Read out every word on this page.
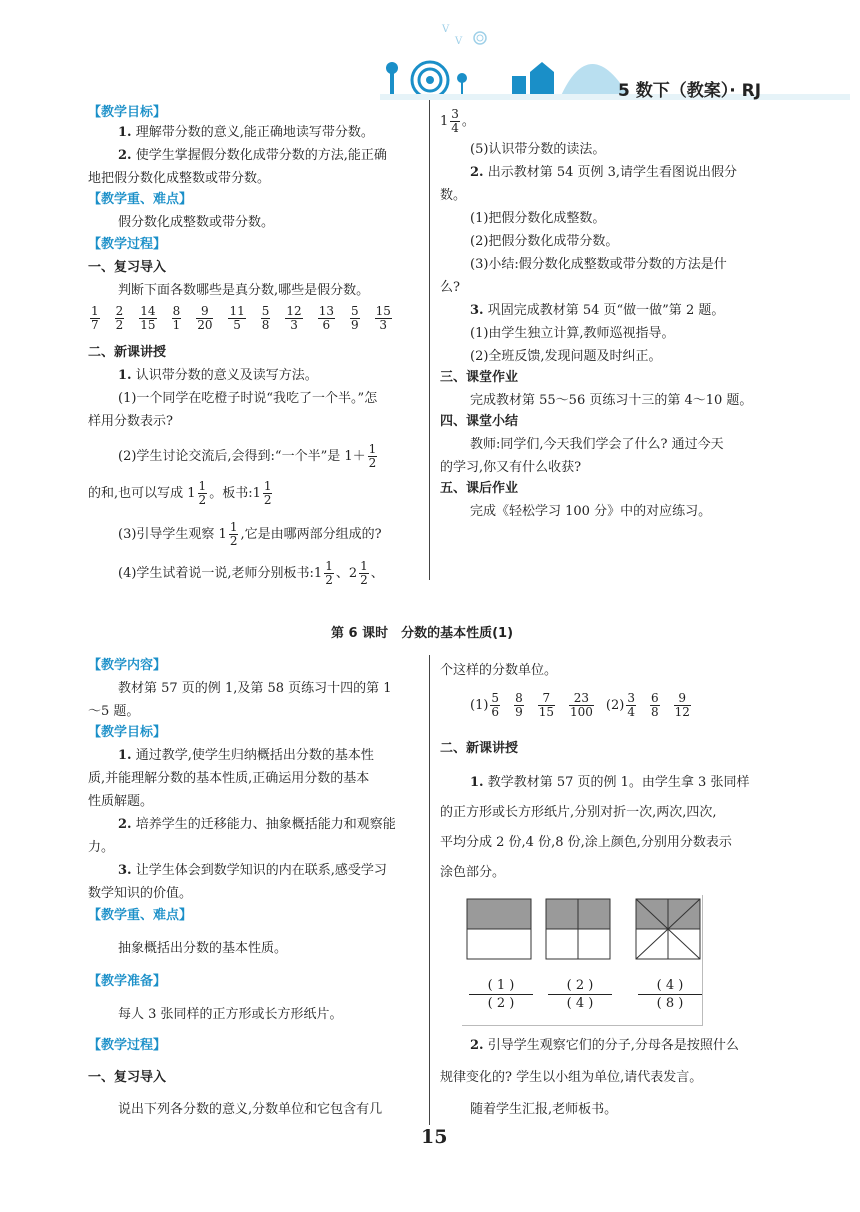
V
V
5 数下（教案）· RJ
【教学目标】
1. 理解带分数的意义,能正确地读写带分数。
2. 使学生掌握假分数化成带分数的方法,能正确
地把假分数化成整数或带分数。
【教学重、难点】
假分数化成整数或带分数。
【教学过程】
一、复习导入
判断下面各数哪些是真分数,哪些是假分数。
$\frac{1}{7} \frac{2}{2} \frac{14}{15} \frac{8}{1} \frac{9}{20} \frac{11}{5} \frac{5}{8} \frac{12}{3} \frac{13}{6} \frac{5}{9} \frac{15}{3}$
二、新课讲授
1. 认识带分数的意义及读写方法。
(1)一个同学在吃橙子时说“我吃了一个半。”怎
样用分数表示?
(2)学生讨论交流后,会得到:“一个半”是 $1+ \frac{1}{2}$
的和,也可以写成 $1 \frac{1}{2}$ 。板书:1 $\frac{1}{2}$
(3)引导学生观察 $1 \frac{1}{2}$ ,它是由哪两部分组成的?
(4)学生试着说一说,老师分别板书:1 $\frac{1}{2}$ 、$2 \frac{1}{2}$ 、
$1 \frac{3}{4}$ 。
(5)认识带分数的读法。
2. 出示教材第 54 页例 3,请学生看图说出假分
数。
(1)把假分数化成整数。
(2)把假分数化成带分数。
(3)小结:假分数化成整数或带分数的方法是什
么?
3. 巩固完成教材第 54 页“做一做”第 2 题。
(1)由学生独立计算,教师巡视指导。
(2)全班反馈,发现问题及时纠正。
三、课堂作业
完成教材第 55～56 页练习十三的第 4～10 题。
四、课堂小结
教师:同学们,今天我们学会了什么? 通过今天
的学习,你又有什么收获?
五、课后作业
完成《轻松学习 100 分》中的对应练习。
第 6 课时　分数的基本性质(1)
【教学内容】
教材第 57 页的例 1,及第 58 页练习十四的第 1
～5 题。
【教学目标】
1. 通过教学,使学生归纳概括出分数的基本性
质,并能理解分数的基本性质,正确运用分数的基本
性质解题。
2. 培养学生的迁移能力、抽象概括能力和观察能
力。
3. 让学生体会到数学知识的内在联系,感受学习
数学知识的价值。
【教学重、难点】
抽象概括出分数的基本性质。
【教学准备】
每人 3 张同样的正方形或长方形纸片。
【教学过程】
一、复习导入
说出下列各分数的意义,分数单位和它包含有几
个这样的分数单位。
$(1) \frac{5}{6} \frac{8}{9} \frac{7}{15} \frac{23}{100} (2) \frac{3}{4} \frac{6}{8} \frac{9}{12}$
二、新课讲授
1. 教学教材第 57 页的例 1。由学生拿 3 张同样
的正方形或长方形纸片,分别对折一次,两次,四次,
平均分成 2 份,4 份,8 份,涂上颜色,分别用分数表示
涂色部分。
$\frac{( 1 )}{( 2 )} \frac{( 2 )}{( 4 )} \frac{( 4 )}{( 8 )}$
2. 引导学生观察它们的分子,分母各是按照什么
规律变化的? 学生以小组为单位,请代表发言。
随着学生汇报,老师板书。
15
